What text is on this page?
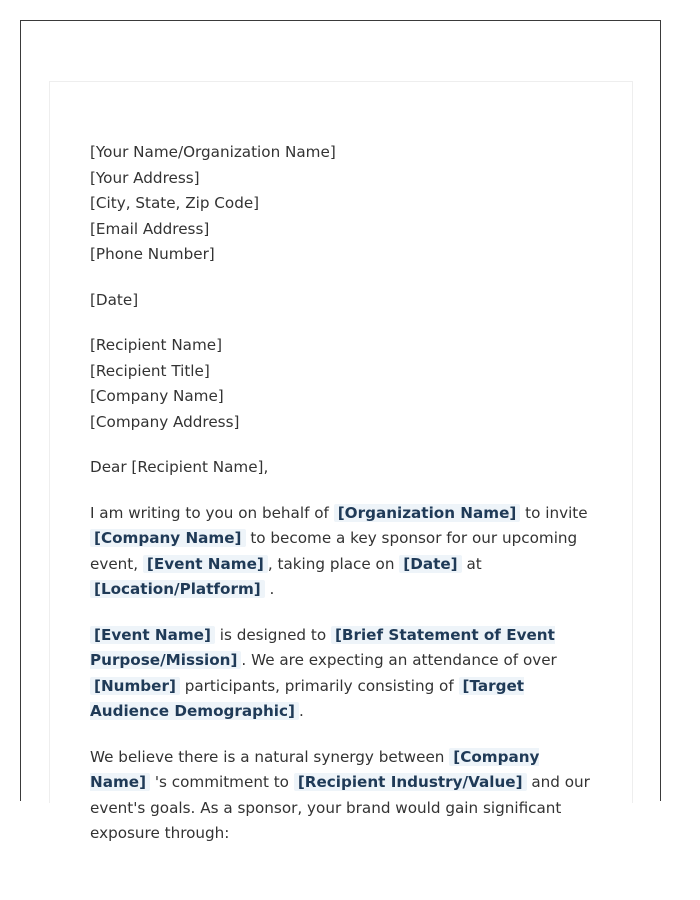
[Your Name/Organization Name]
[Your Address]
[City, State, Zip Code]
[Email Address]
[Phone Number]
[Date]
[Recipient Name]
[Recipient Title]
[Company Name]
[Company Address]
Dear [Recipient Name],

I am writing to you on behalf of [Organization Name] to invite [Company Name] to become a key sponsor for our upcoming event, [Event Name] , taking place on [Date] at [Location/Platform] .

[Event Name] is designed to [Brief Statement of Event Purpose/Mission] . We are expecting an attendance of over [Number] participants, primarily consisting of [Target Audience Demographic] .

We believe there is a natural synergy between [Company Name] 's commitment to [Recipient Industry/Value] and our event's goals. As a sponsor, your brand would gain significant exposure through:
